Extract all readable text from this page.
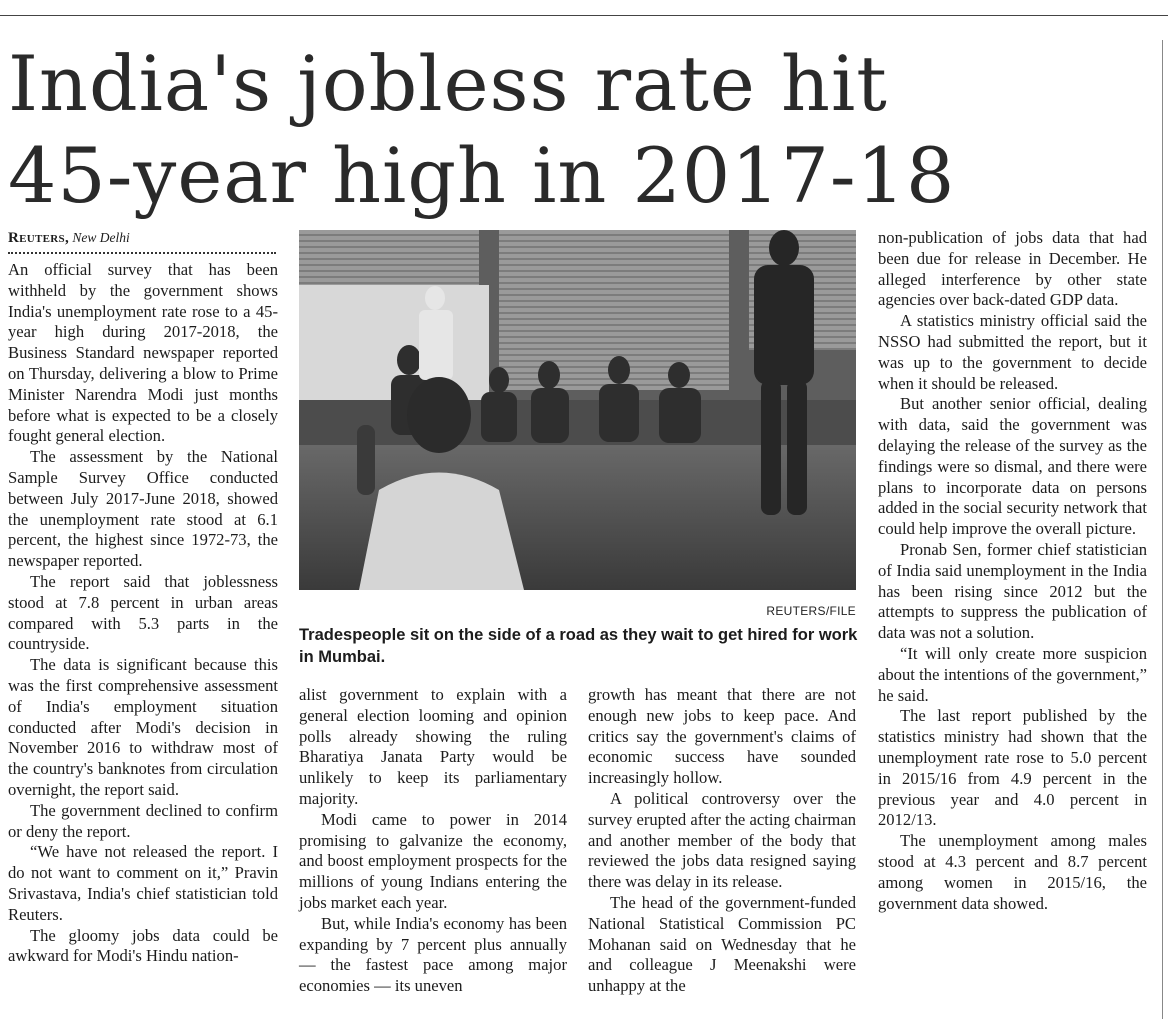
India's jobless rate hit
45-year high in 2017-18
Reuters, New Delhi

An official survey that has been withheld by the government shows India's unemployment rate rose to a 45-year high during 2017-2018, the Business Standard newspaper reported on Thursday, delivering a blow to Prime Minister Narendra Modi just months before what is expected to be a closely fought general election.

The assessment by the National Sample Survey Office conducted between July 2017-June 2018, showed the unemployment rate stood at 6.1 percent, the highest since 1972-73, the newspaper reported.

The report said that joblessness stood at 7.8 percent in urban areas compared with 5.3 parts in the countryside.

The data is significant because this was the first comprehensive assessment of India's employment situation conducted after Modi's decision in November 2016 to withdraw most of the country's banknotes from circulation overnight, the report said.

The government declined to confirm or deny the report.

“We have not released the report. I do not want to comment on it,” Pravin Srivastava, India's chief statistician told Reuters.

The gloomy jobs data could be awkward for Modi's Hindu nation-

REUTERS/FILE
Tradespeople sit on the side of a road as they wait to get hired for work in Mumbai.

alist government to explain with a general election looming and opinion polls already showing the ruling Bharatiya Janata Party would be unlikely to keep its parliamentary majority.

Modi came to power in 2014 promising to galvanize the economy, and boost employment prospects for the millions of young Indians entering the jobs market each year.

But, while India's economy has been expanding by 7 percent plus annually — the fastest pace among major economies — its uneven

growth has meant that there are not enough new jobs to keep pace. And critics say the government's claims of economic success have sounded increasingly hollow.

A political controversy over the survey erupted after the acting chairman and another member of the body that reviewed the jobs data resigned saying there was delay in its release.

The head of the government-funded National Statistical Commission PC Mohanan said on Wednesday that he and colleague J Meenakshi were unhappy at the

non-publication of jobs data that had been due for release in December. He alleged interference by other state agencies over back-dated GDP data.

A statistics ministry official said the NSSO had submitted the report, but it was up to the government to decide when it should be released.

But another senior official, dealing with data, said the government was delaying the release of the survey as the findings were so dismal, and there were plans to incorporate data on persons added in the social security network that could help improve the overall picture.

Pronab Sen, former chief statistician of India said unemployment in the India has been rising since 2012 but the attempts to suppress the publication of data was not a solution.

“It will only create more suspicion about the intentions of the government,” he said.

The last report published by the statistics ministry had shown that the unemployment rate rose to 5.0 percent in 2015/16 from 4.9 percent in the previous year and 4.0 percent in 2012/13.

The unemployment among males stood at 4.3 percent and 8.7 percent among women in 2015/16, the government data showed.
